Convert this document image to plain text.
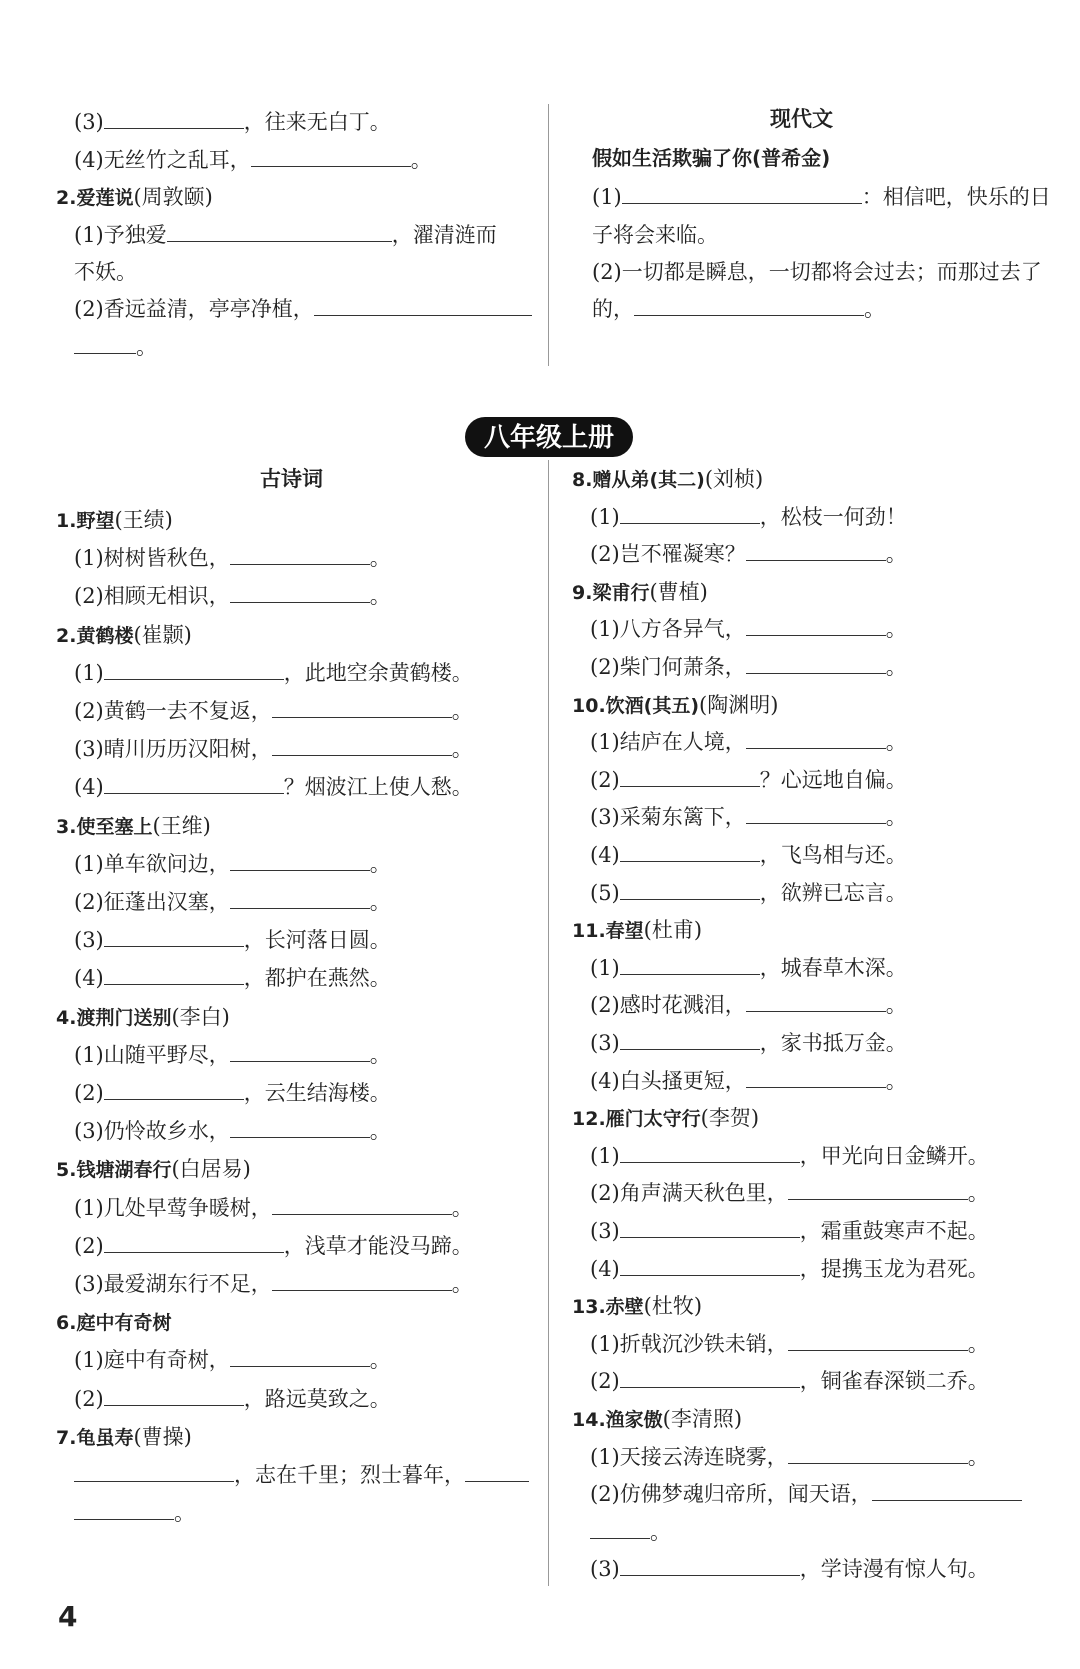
(3)	，往来无白丁。
(4)无丝竹之乱耳，	。
2.爱莲说(周敦颐)
(1)予独爱	，濯清涟而
不妖。
(2)香远益清，亭亭净植，
。
现代文
假如生活欺骗了你(普希金)
(1)	：相信吧，快乐的日
子将会来临。
(2)一切都是瞬息，一切都将会过去；而那过去了
的，	。
八年级上册
古诗词
1.野望(王绩)
(1)树树皆秋色，	。
(2)相顾无相识，	。
2.黄鹤楼(崔颢)
(1)	，此地空余黄鹤楼。
(2)黄鹤一去不复返，	。
(3)晴川历历汉阳树，	。
(4)	？烟波江上使人愁。
3.使至塞上(王维)
(1)单车欲问边，	。
(2)征蓬出汉塞，	。
(3)	，长河落日圆。
(4)	，都护在燕然。
4.渡荆门送别(李白)
(1)山随平野尽，	。
(2)	，云生结海楼。
(3)仍怜故乡水，	。
5.钱塘湖春行(白居易)
(1)几处早莺争暖树，	。
(2)	，浅草才能没马蹄。
(3)最爱湖东行不足，	。
6.庭中有奇树
(1)庭中有奇树，	。
(2)	，路远莫致之。
7.龟虽寿(曹操)
，志在千里；烈士暮年，
。
8.赠从弟(其二)(刘桢)
(1)	，松枝一何劲！
(2)岂不罹凝寒？	。
9.梁甫行(曹植)
(1)八方各异气，	。
(2)柴门何萧条，	。
10.饮酒(其五)(陶渊明)
(1)结庐在人境，	。
(2)	？心远地自偏。
(3)采菊东篱下，	。
(4)	，飞鸟相与还。
(5)	，欲辨已忘言。
11.春望(杜甫)
(1)	，城春草木深。
(2)感时花溅泪，	。
(3)	，家书抵万金。
(4)白头搔更短，	。
12.雁门太守行(李贺)
(1)	，甲光向日金鳞开。
(2)角声满天秋色里，	。
(3)	，霜重鼓寒声不起。
(4)	，提携玉龙为君死。
13.赤壁(杜牧)
(1)折戟沉沙铁未销，	。
(2)	，铜雀春深锁二乔。
14.渔家傲(李清照)
(1)天接云涛连晓雾，	。
(2)仿佛梦魂归帝所，闻天语，
。
(3)	，学诗漫有惊人句。
4
